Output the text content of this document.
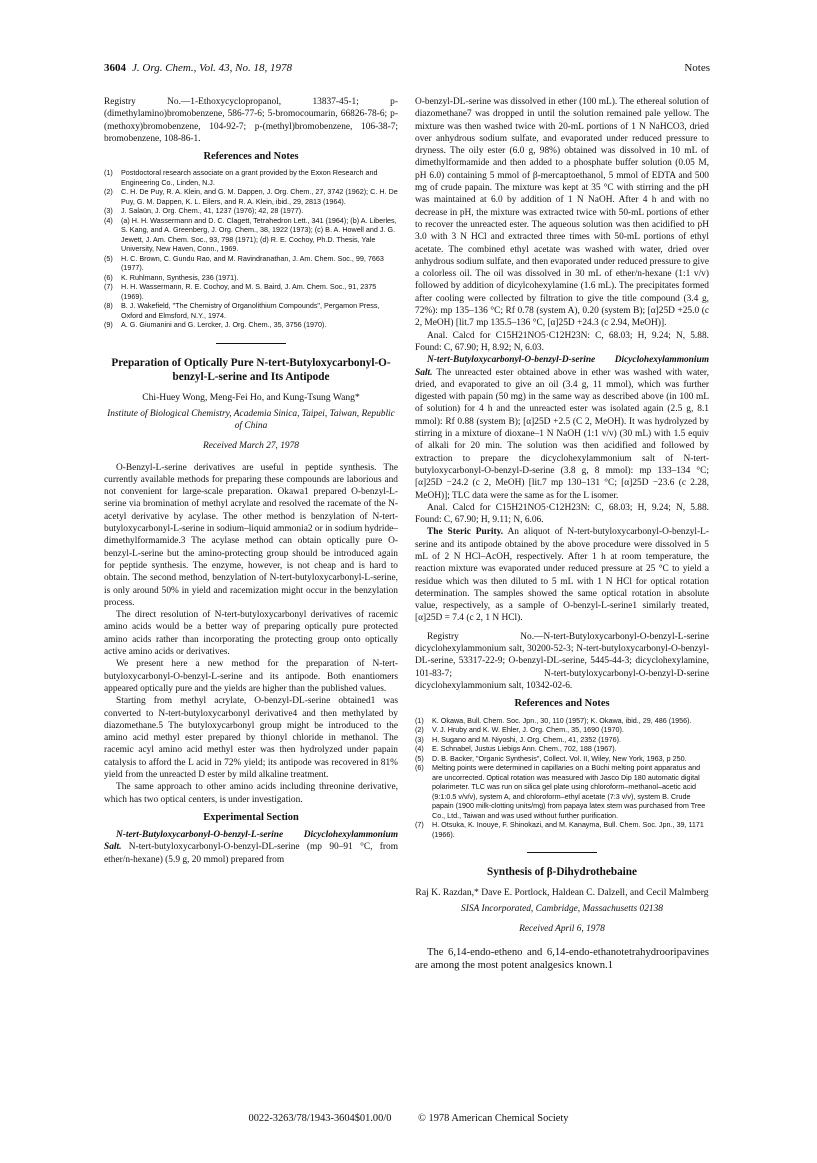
3604 J. Org. Chem., Vol. 43, No. 18, 1978	Notes

Registry No.—1-Ethoxycyclopropanol, 13837-45-1; p-(dimethylamino)bromobenzene, 586-77-6; 5-bromocoumarin, 66826-78-6; p-(methoxy)bromobenzene, 104-92-7; p-(methyl)bromobenzene, 106-38-7; bromobenzene, 108-86-1.

References and Notes
(1)	Postdoctoral research associate on a grant provided by the Exxon Research and Engineering Co., Linden, N.J.
(2)	C. H. De Puy, R. A. Klein, and G. M. Dappen, J. Org. Chem., 27, 3742 (1962); C. H. De Puy, G. M. Dappen, K. L. Eilers, and R. A. Klein, ibid., 29, 2813 (1964).
(3)	J. Salaün, J. Org. Chem., 41, 1237 (1976); 42, 28 (1977).
(4)	(a) H. H. Wassermann and D. C. Clagett, Tetrahedron Lett., 341 (1964); (b) A. Liberles, S. Kang, and A. Greenberg, J. Org. Chem., 38, 1922 (1973); (c) B. A. Howell and J. G. Jewett, J. Am. Chem. Soc., 93, 798 (1971); (d) R. E. Cochoy, Ph.D. Thesis, Yale University, New Haven, Conn., 1969.
(5)	H. C. Brown, C. Gundu Rao, and M. Ravindranathan, J. Am. Chem. Soc., 99, 7663 (1977).
(6)	K. Ruhlmann, Synthesis, 236 (1971).
(7)	H. H. Wassermann, R. E. Cochoy, and M. S. Baird, J. Am. Chem. Soc., 91, 2375 (1969).
(8)	B. J. Wakefield, "The Chemistry of Organolithium Compounds", Pergamon Press, Oxford and Elmsford, N.Y., 1974.
(9)	A. G. Giumanini and G. Lercker, J. Org. Chem., 35, 3756 (1970).
Preparation of Optically Pure N-tert-Butyloxycarbonyl-O-benzyl-L-serine and Its Antipode
Chi-Huey Wong, Meng-Fei Ho, and Kung-Tsung Wang*
Institute of Biological Chemistry, Academia Sinica, Taipei, Taiwan, Republic of China
Received March 27, 1978

O-Benzyl-L-serine derivatives are useful in peptide synthesis. The currently available methods for preparing these compounds are laborious and not convenient for large-scale preparation. Okawa1 prepared O-benzyl-L-serine via bromination of methyl acrylate and resolved the racemate of the N-acetyl derivative by acylase. The other method is benzylation of N-tert-butyloxycarbonyl-L-serine in sodium–liquid ammonia2 or in sodium hydride–dimethylformamide.3 The acylase method can obtain optically pure O-benzyl-L-serine but the amino-protecting group should be introduced again for peptide synthesis. The enzyme, however, is not cheap and is hard to obtain. The second method, benzylation of N-tert-butyloxycarbonyl-L-serine, is only around 50% in yield and racemization might occur in the benzylation process.

The direct resolution of N-tert-butyloxycarbonyl derivatives of racemic amino acids would be a better way of preparing optically pure protected amino acids rather than incorporating the protecting group onto optically active amino acids or derivatives.

We present here a new method for the preparation of N-tert-butyloxycarbonyl-O-benzyl-L-serine and its antipode. Both enantiomers appeared optically pure and the yields are higher than the published values.

Starting from methyl acrylate, O-benzyl-DL-serine obtained1 was converted to N-tert-butyloxycarbonyl derivative4 and then methylated by diazomethane.5 The butyloxycarbonyl group might be introduced to the amino acid methyl ester prepared by thionyl chloride in methanol. The racemic acyl amino acid methyl ester was then hydrolyzed under papain catalysis to afford the L acid in 72% yield; its antipode was recovered in 81% yield from the unreacted D ester by mild alkaline treatment.

The same approach to other amino acids including threonine derivative, which has two optical centers, is under investigation.

Experimental Section

N-tert-Butyloxycarbonyl-O-benzyl-L-serine Dicyclohexylammonium Salt. N-tert-butyloxycarbonyl-O-benzyl-DL-serine (mp 90–91 °C, from ether/n-hexane) (5.9 g, 20 mmol) prepared from

O-benzyl-DL-serine was dissolved in ether (100 mL). The ethereal solution of diazomethane7 was dropped in until the solution remained pale yellow. The mixture was then washed twice with 20-mL portions of 1 N NaHCO3, dried over anhydrous sodium sulfate, and evaporated under reduced pressure to dryness. The oily ester (6.0 g, 98%) obtained was dissolved in 10 mL of dimethylformamide and then added to a phosphate buffer solution (0.05 M, pH 6.0) containing 5 mmol of β-mercaptoethanol, 5 mmol of EDTA and 500 mg of crude papain. The mixture was kept at 35 °C with stirring and the pH was maintained at 6.0 by addition of 1 N NaOH. After 4 h and with no decrease in pH, the mixture was extracted twice with 50-mL portions of ether to recover the unreacted ester. The aqueous solution was then acidified to pH 3.0 with 3 N HCl and extracted three times with 50-mL portions of ethyl acetate. The combined ethyl acetate was washed with water, dried over anhydrous sodium sulfate, and then evaporated under reduced pressure to give a colorless oil. The oil was dissolved in 30 mL of ether/n-hexane (1:1 v/v) followed by addition of dicylcohexylamine (1.6 mL). The precipitates formed after cooling were collected by filtration to give the title compound (3.4 g, 72%): mp 135–136 °C; Rf 0.78 (system A), 0.20 (system B); [α]25D +25.0 (c 2, MeOH) [lit.7 mp 135.5–136 °C, [α]25D +24.3 (c 2.94, MeOH)].

Anal. Calcd for C15H21NO5·C12H23N: C, 68.03; H, 9.24; N, 5.88. Found: C, 67.90; H, 8.92; N, 6.03.

N-tert-Butyloxycarbonyl-O-benzyl-D-serine Dicyclohexylammonium Salt. The unreacted ester obtained above in ether was washed with water, dried, and evaporated to give an oil (3.4 g, 11 mmol), which was further digested with papain (50 mg) in the same way as described above (in 100 mL of solution) for 4 h and the unreacted ester was isolated again (2.5 g, 8.1 mmol): Rf 0.88 (system B); [α]25D +2.5 (C 2, MeOH). It was hydrolyzed by stirring in a mixture of dioxane–1 N NaOH (1:1 v/v) (30 mL) with 1.5 equiv of alkali for 20 min. The solution was then acidified and followed by extraction to prepare the dicyclohexylammonium salt of N-tert-butyloxycarbonyl-O-benzyl-D-serine (3.8 g, 8 mmol): mp 133–134 °C; [α]25D −24.2 (c 2, MeOH) [lit.7 mp 130–131 °C; [α]25D −23.6 (c 2.28, MeOH)]; TLC data were the same as for the L isomer.

Anal. Calcd for C15H21NO5·C12H23N: C, 68.03; H, 9.24; N, 5.88. Found: C, 67.90; H, 9.11; N, 6.06.

The Steric Purity. An aliquot of N-tert-butyloxycarbonyl-O-benzyl-L-serine and its antipode obtained by the above procedure were dissolved in 5 mL of 2 N HCl–AcOH, respectively. After 1 h at room temperature, the reaction mixture was evaporated under reduced pressure at 25 °C to yield a residue which was then diluted to 5 mL with 1 N HCl for optical rotation determination. The samples showed the same optical rotation in absolute value, respectively, as a sample of O-benzyl-L-serine1 similarly treated, [α]25D = 7.4 (c 2, 1 N HCl).

Registry No.—N-tert-Butyloxycarbonyl-O-benzyl-L-serine dicyclohexylammonium salt, 30200-52-3; N-tert-butyloxycarbonyl-O-benzyl-DL-serine, 53317-22-9; O-benzyl-DL-serine, 5445-44-3; dicyclohexylamine, 101-83-7; N-tert-butyloxycarbonyl-O-benzyl-D-serine dicyclohexylammonium salt, 10342-02-6.

References and Notes
(1)	K. Okawa, Bull. Chem. Soc. Jpn., 30, 110 (1957); K. Okawa, ibid., 29, 486 (1956).
(2)	V. J. Hruby and K. W. Ehler, J. Org. Chem., 35, 1690 (1970).
(3)	H. Sugano and M. Niyoshi, J. Org. Chem., 41, 2352 (1976).
(4)	E. Schnabel, Justus Liebigs Ann. Chem., 702, 188 (1967).
(5)	D. B. Backer, "Organic Synthesis", Collect. Vol. II, Wiley, New York, 1963, p 250.
(6)	Melting points were determined in capillaries on a Büchi melting point apparatus and are uncorrected. Optical rotation was measured with Jasco Dip 180 automatic digital polarimeter. TLC was run on silica gel plate using chloroform–methanol–acetic acid (9:1:0.5 v/v/v), system A, and chloroform–ethyl acetate (7:3 v/v), system B. Crude papain (1900 milk-clotting units/mg) from papaya latex stem was purchased from Tree Co., Ltd., Taiwan and was used without further purification.
(7)	H. Otsuka, K. Inouye, F. Shinokazi, and M. Kanayma, Bull. Chem. Soc. Jpn., 39, 1171 (1966).
Synthesis of β-Dihydrothebaine
Raj K. Razdan,* Dave E. Portlock, Haldean C. Dalzell, and Cecil Malmberg
SISA Incorporated, Cambridge, Massachusetts 02138
Received April 6, 1978

The 6,14-endo-etheno and 6,14-endo-ethanotetrahydrooripavines are among the most potent analgesics known.1

0022-3263/78/1943-3604$01.00/0	© 1978 American Chemical Society
